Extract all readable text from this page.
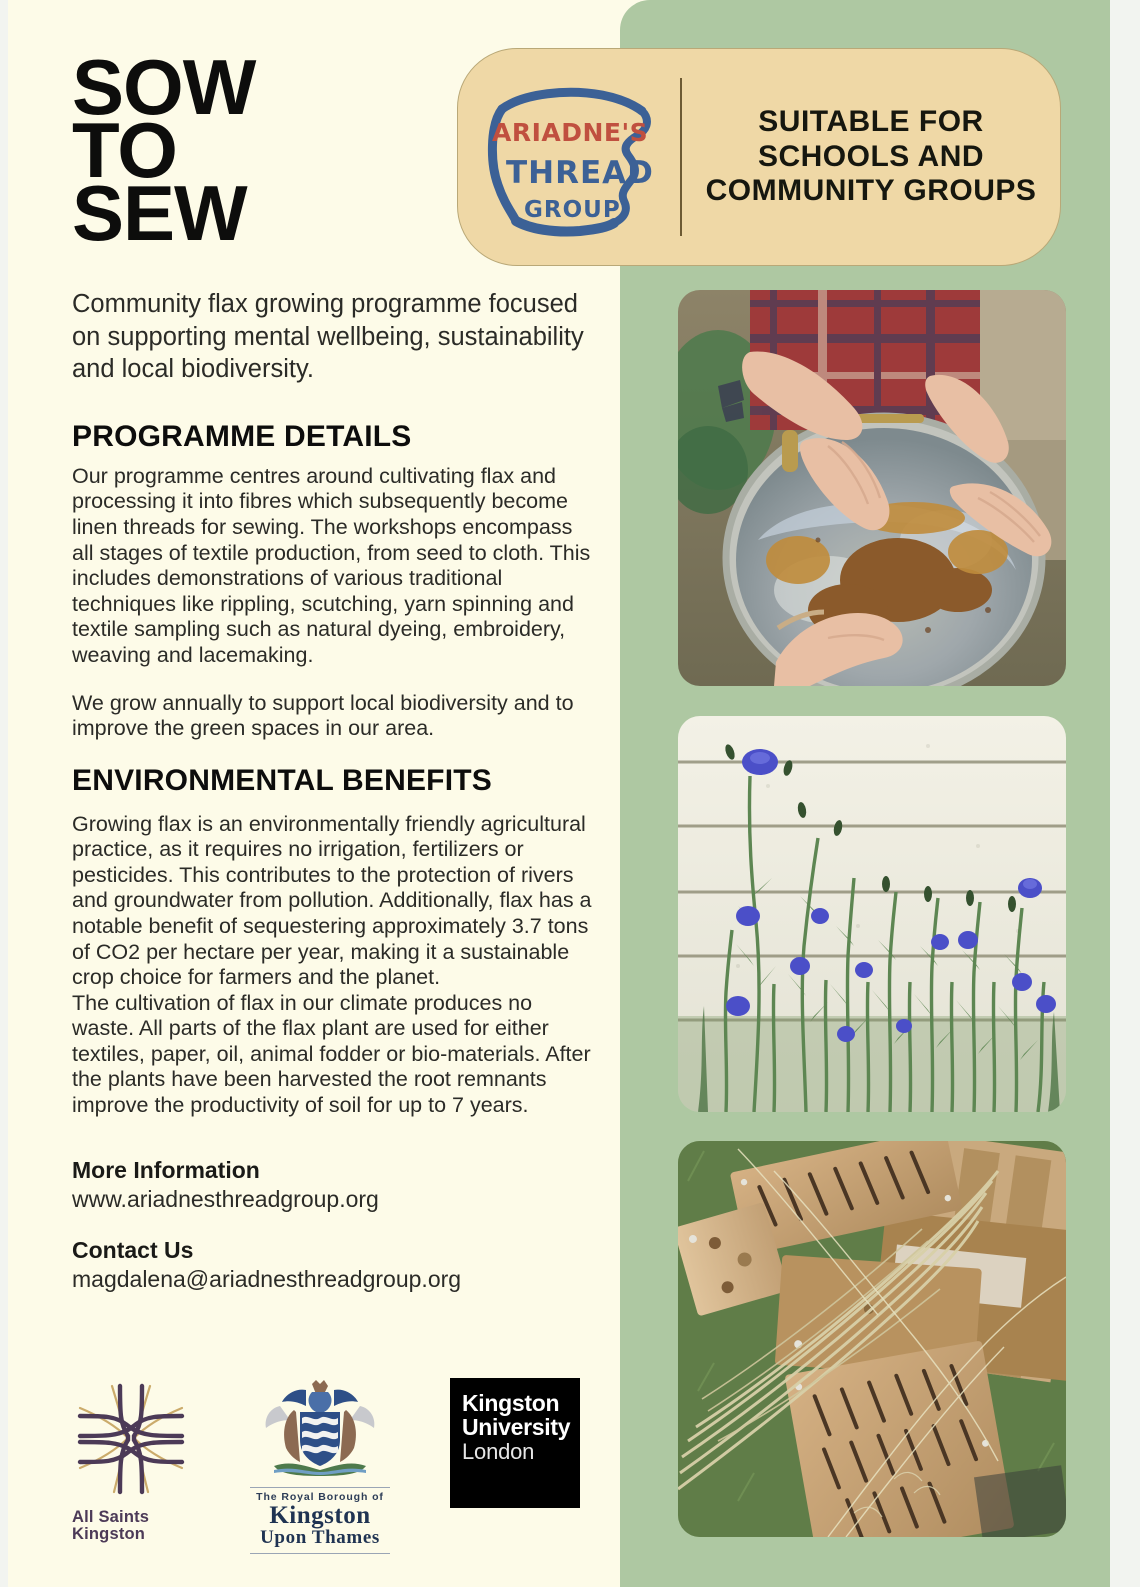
SOW
TO
SEW
ARIADNE'S
THREAD
GROUP
SUITABLE FOR SCHOOLS AND COMMUNITY GROUPS

Community flax growing programme focused on supporting mental wellbeing, sustainability and local biodiversity.

PROGRAMME DETAILS

Our programme centres around cultivating flax and processing it into fibres which subsequently become linen threads for sewing. The workshops encompass all stages of textile production, from seed to cloth. This includes demonstrations of various traditional techniques like rippling, scutching, yarn spinning and textile sampling such as natural dyeing, embroidery, weaving and lacemaking.

We grow annually to support local biodiversity and to improve the green spaces in our area.

ENVIRONMENTAL BENEFITS

Growing flax is an environmentally friendly agricultural practice, as it requires no irrigation, fertilizers or pesticides. This contributes to the protection of rivers and groundwater from pollution. Additionally, flax has a notable benefit of sequestering approximately 3.7 tons of CO2 per hectare per year, making it a sustainable crop choice for farmers and the planet.

The cultivation of flax in our climate produces no waste. All parts of the flax plant are used for either textiles, paper, oil, animal fodder or bio-materials. After the plants have been harvested the root remnants improve the productivity of soil for up to 7 years.

More Information
www.ariadnesthreadgroup.org
Contact Us
magdalena@ariadnesthreadgroup.org
All Saints
Kingston
The Royal Borough of
Kingston
Upon Thames
Kingston
University
London
